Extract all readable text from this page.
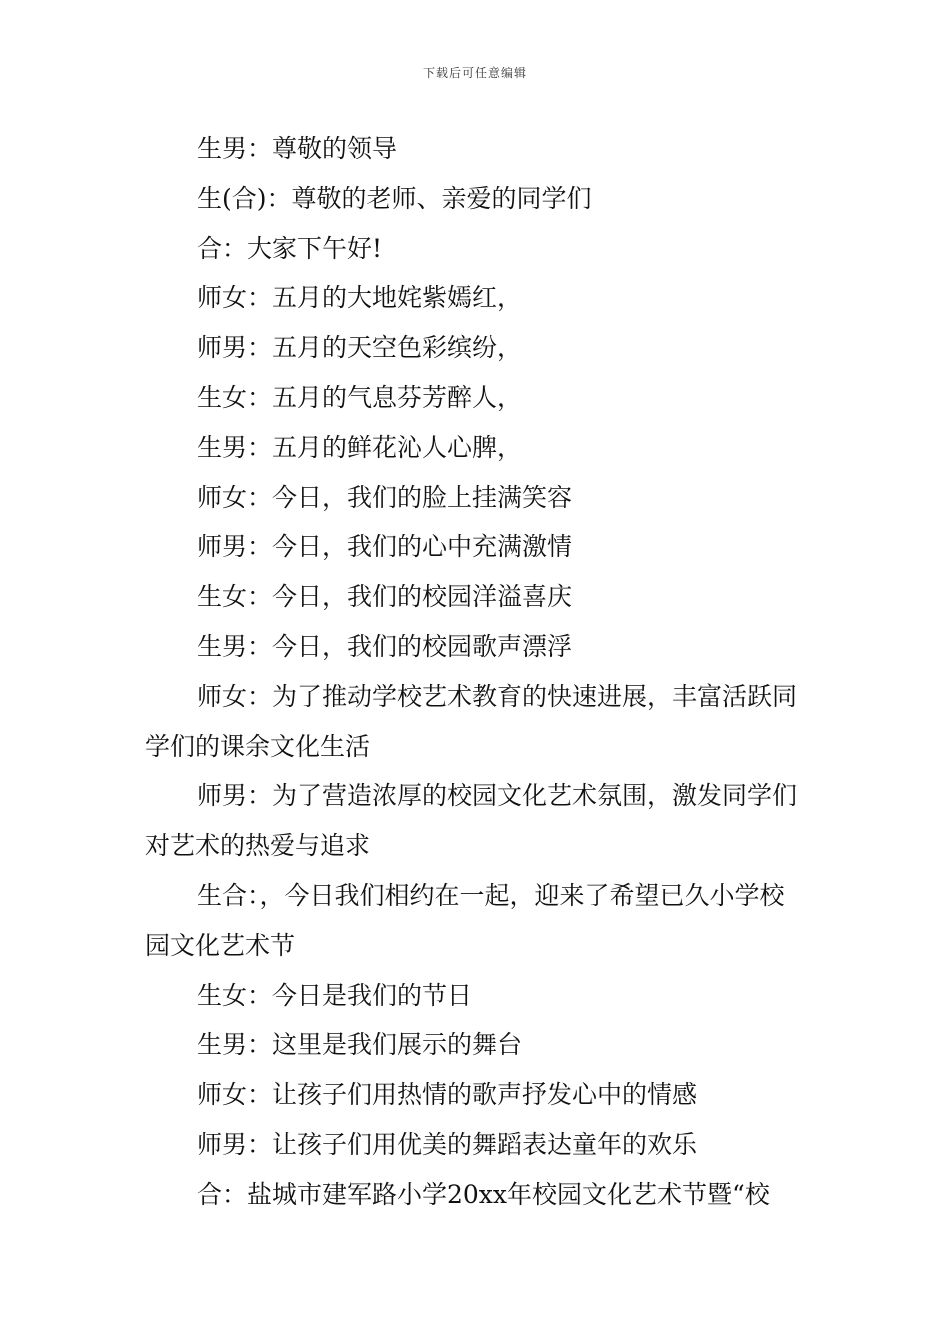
下载后可任意编辑

生男：尊敬的领导

生(合)：尊敬的老师、亲爱的同学们

合：大家下午好!

师女：五月的大地姹紫嫣红，

师男：五月的天空色彩缤纷，

生女：五月的气息芬芳醉人，

生男：五月的鲜花沁人心脾，

师女：今日，我们的脸上挂满笑容

师男：今日，我们的心中充满激情

生女：今日，我们的校园洋溢喜庆

生男：今日，我们的校园歌声漂浮

师女：为了推动学校艺术教育的快速进展，丰富活跃同学们的课余文化生活

师男：为了营造浓厚的校园文化艺术氛围，激发同学们对艺术的热爱与追求

生合：，今日我们相约在一起，迎来了希望已久小学校园文化艺术节

生女：今日是我们的节日

生男：这里是我们展示的舞台

师女：让孩子们用热情的歌声抒发心中的情感

师男：让孩子们用优美的舞蹈表达童年的欢乐

合：盐城市建军路小学20xx年校园文化艺术节暨“校
